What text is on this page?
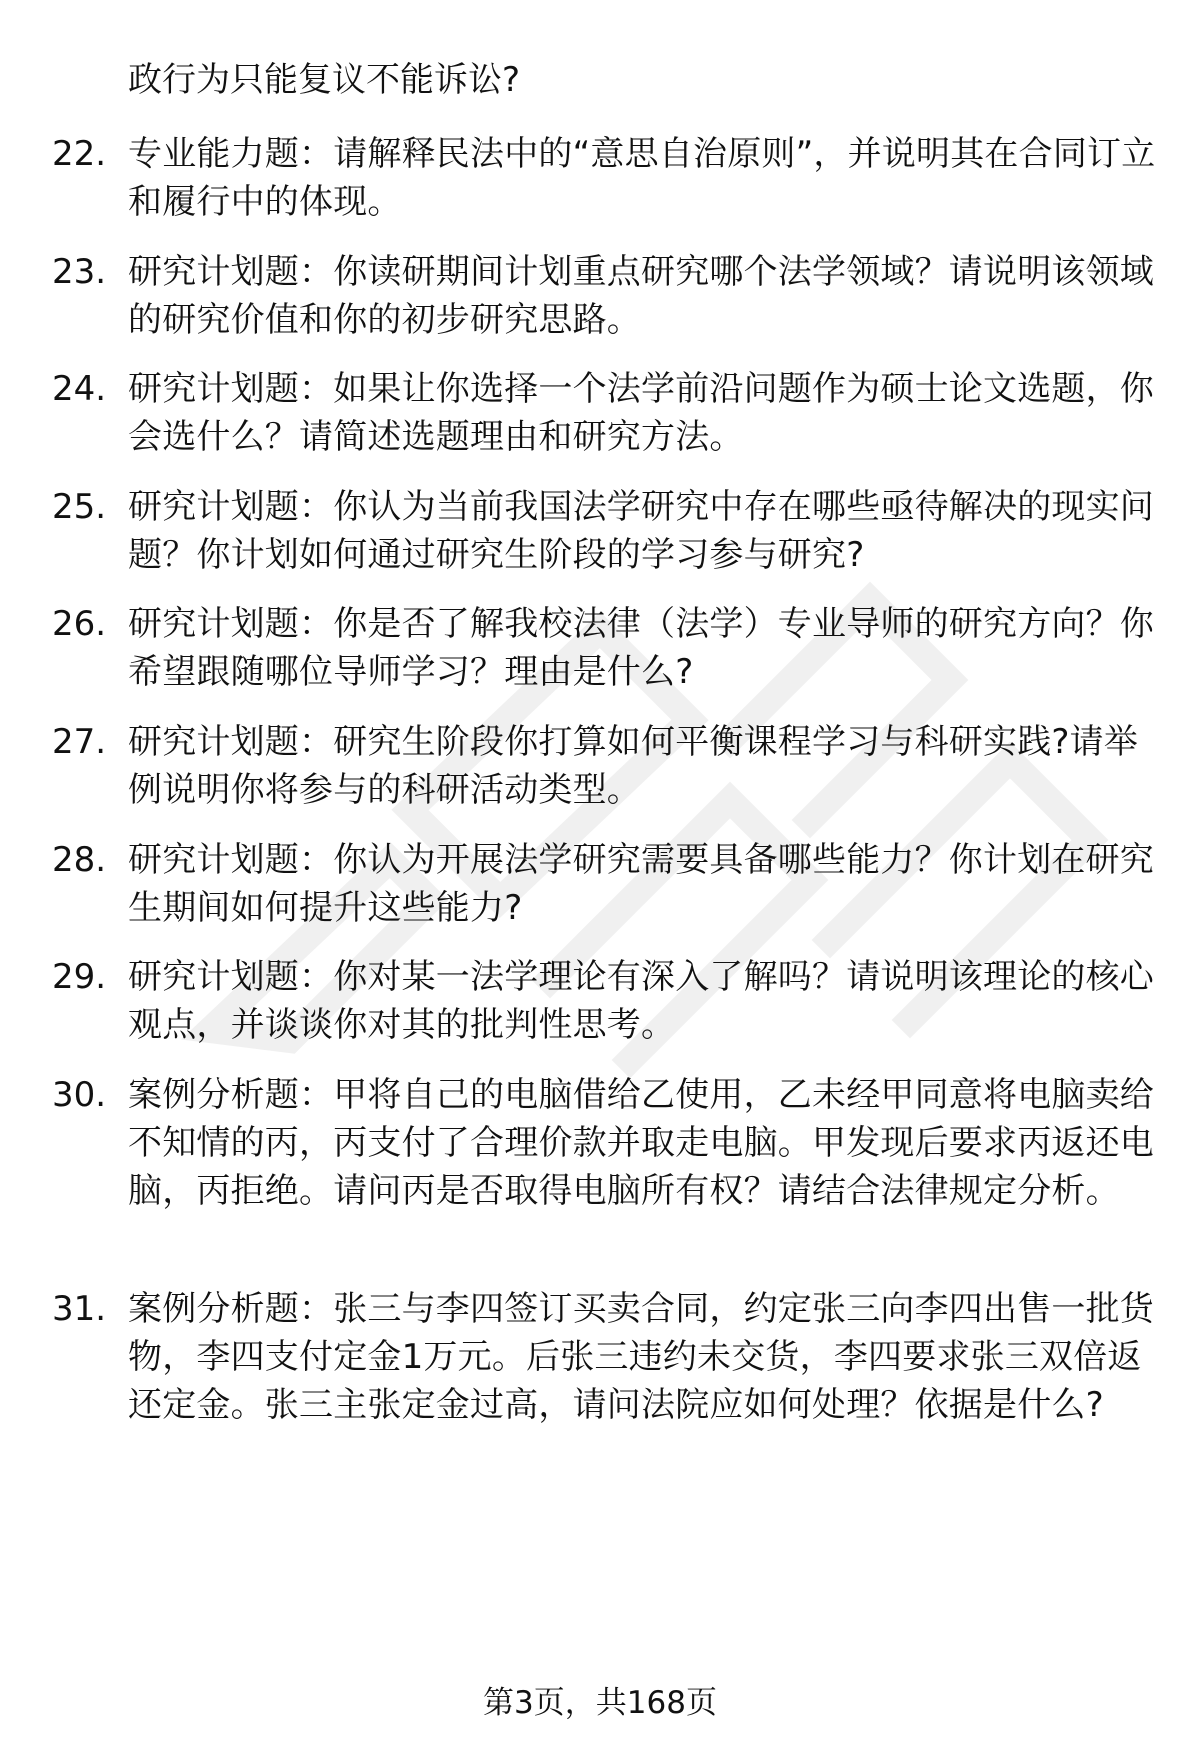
政行为只能复议不能诉讼?
22. 专业能力题：请解释民法中的“意思自治原则”，并说明其在合同订立和履行中的体现。
23. 研究计划题：你读研期间计划重点研究哪个法学领域？请说明该领域的研究价值和你的初步研究思路。
24. 研究计划题：如果让你选择一个法学前沿问题作为硕士论文选题，你会选什么？请简述选题理由和研究方法。
25. 研究计划题：你认为当前我国法学研究中存在哪些亟待解决的现实问题？你计划如何通过研究生阶段的学习参与研究?
26. 研究计划题：你是否了解我校法律（法学）专业导师的研究方向？你希望跟随哪位导师学习？理由是什么?
27. 研究计划题：研究生阶段你打算如何平衡课程学习与科研实践?请举例说明你将参与的科研活动类型。
28. 研究计划题：你认为开展法学研究需要具备哪些能力？你计划在研究生期间如何提升这些能力?
29. 研究计划题：你对某一法学理论有深入了解吗？请说明该理论的核心观点，并谈谈你对其的批判性思考。
30. 案例分析题：甲将自己的电脑借给乙使用，乙未经甲同意将电脑卖给不知情的丙，丙支付了合理价款并取走电脑。甲发现后要求丙返还电脑，丙拒绝。请问丙是否取得电脑所有权？请结合法律规定分析。
31. 案例分析题：张三与李四签订买卖合同，约定张三向李四出售一批货物，李四支付定金1万元。后张三违约未交货，李四要求张三双倍返还定金。张三主张定金过高，请问法院应如何处理？依据是什么?
第3页，共168页
